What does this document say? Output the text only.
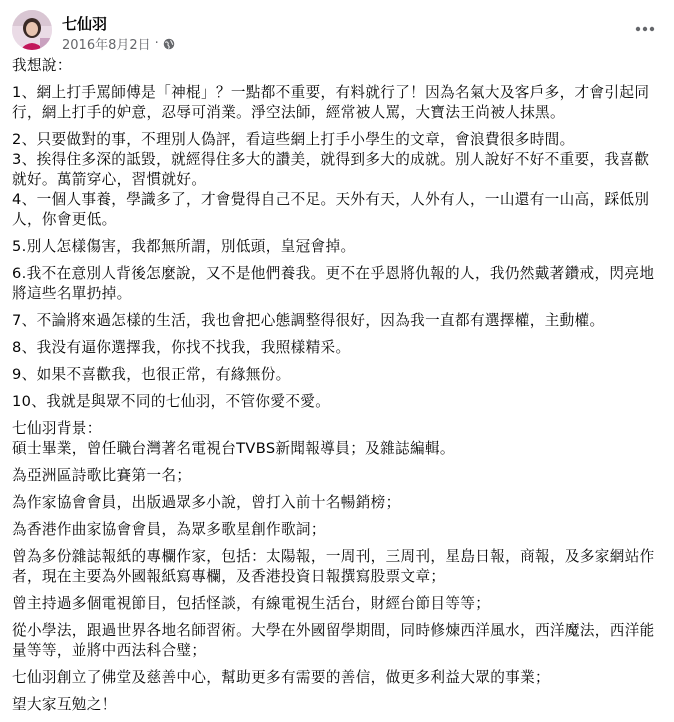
七仙羽
2016年8月2日 ·

我想說：

1、網上打手罵師傅是「神棍」？一點都不重要，有料就行了！因為名氣大及客戶多，才會引起同行，網上打手的妒意，忍辱可消業。淨空法師，經常被人罵，大寶法王尚被人抹黑。

2、只要做對的事，不理別人偽評，看這些網上打手小學生的文章，會浪費很多時間。
3、挨得住多深的詆毀，就經得住多大的讚美，就得到多大的成就。別人說好不好不重要，我喜歡就好。萬箭穿心，習慣就好。
4、一個人事養，學識多了，才會覺得自己不足。天外有天，人外有人，一山還有一山高，踩低別人，你會更低。

5.別人怎樣傷害，我都無所謂，別低頭，皇冠會掉。

6.我不在意別人背後怎麼說，又不是他們養我。更不在乎恩將仇報的人，我仍然戴著鑽戒，閃亮地將這些名單扔掉。

7、不論將來過怎樣的生活，我也會把心態調整得很好，因為我一直都有選擇權，主動權。

8、我没有逼你選擇我，你找不找我，我照樣精采。

9、如果不喜歡我，也很正常，有緣無份。

10、我就是與眾不同的七仙羽，不管你愛不愛。

七仙羽背景：
碩士畢業，曾任職台灣著名電視台TVBS新聞報導員；及雜誌編輯。

為亞洲區詩歌比賽第一名；

為作家協會會員，出版過眾多小說，曾打入前十名暢銷榜；

為香港作曲家協會會員，為眾多歌星創作歌詞；

曾為多份雜誌報紙的專欄作家，包括：太陽報，一周刊，三周刊，星島日報，商報，及多家網站作者，現在主要為外國報紙寫專欄，及香港投資日報撰寫股票文章；

曾主持過多個電視節目，包括怪談，有線電視生活台，財經台節目等等；

從小學法，跟過世界各地名師習術。大學在外國留學期間，同時修煉西洋風水，西洋魔法，西洋能量等等，並將中西法科合璧；

七仙羽創立了佛堂及慈善中心，幫助更多有需要的善信，做更多利益大眾的事業；

望大家互勉之！
